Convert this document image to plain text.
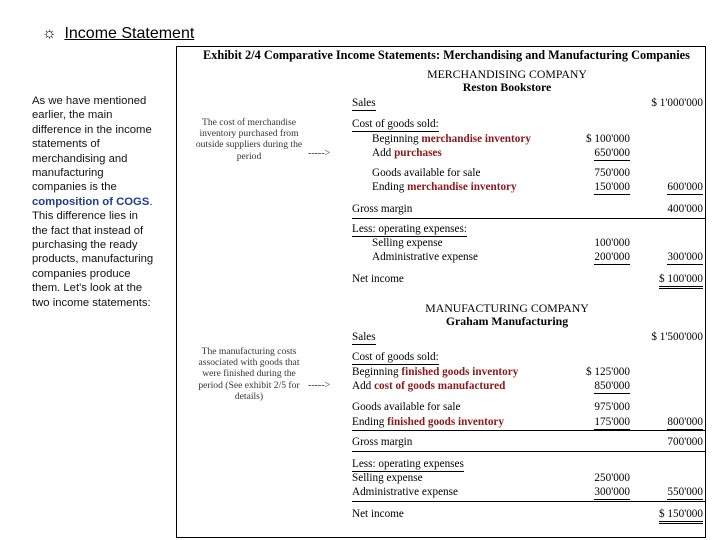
☼ Income Statement
As we have mentioned earlier, the main difference in the income statements of merchandising and manufacturing companies is the composition of COGS. This difference lies in the fact that instead of purchasing the ready products, manufacturing companies produce them. Let's look at the two income statements:
Exhibit 2/4 Comparative Income Statements: Merchandising and Manufacturing Companies
MERCHANDISING COMPANY
Reston Bookstore
The cost of merchandise inventory purchased from outside suppliers during the period	----->
Sales	$ 1'000'000
Cost of goods sold:
Beginning merchandise inventory	$ 100'000
Add purchases	650'000
Goods available for sale	750'000
Ending merchandise inventory	150'000	600'000
Gross margin	400'000
Less: operating expenses:
Selling expense	100'000
Administrative expense	200'000	300'000
Net income	$ 100'000
MANUFACTURING COMPANY
Graham Manufacturing
The manufacturing costs associated with goods that were finished during the period (See exhibit 2/5 for details)
----->
Sales	$ 1'500'000
Cost of goods sold:
Beginning finished goods inventory	$ 125'000
Add cost of goods manufactured	850'000
Goods available for sale	975'000
Ending finished goods inventory	175'000	800'000
Gross margin	700'000
Less: operating expenses
Selling expense	250'000
Administrative expense	300'000	550'000
Net income	$ 150'000
